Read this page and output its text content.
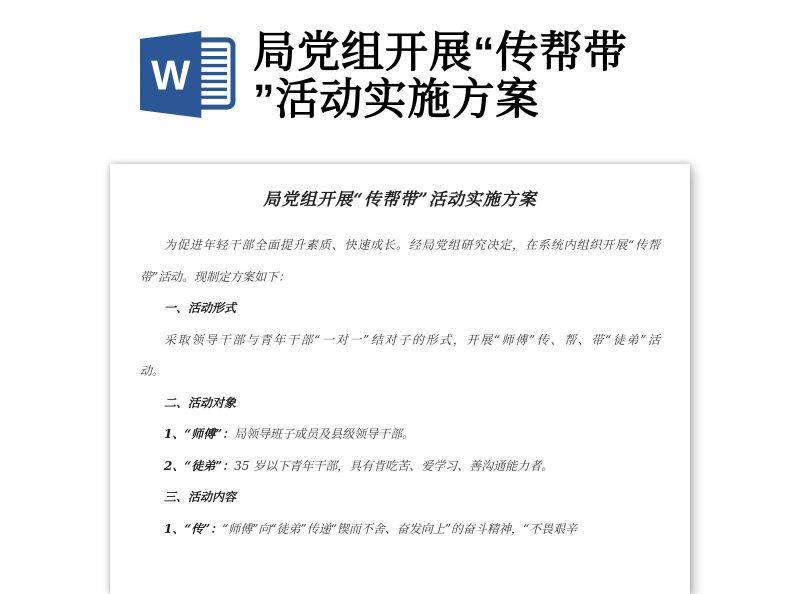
W 局党组开展“传帮带
”活动实施方案
局党组开展“传帮带”活动实施方案
为促进年轻干部全面提升素质、快速成长。经局党组研究决定，在系统内组织开展“传帮
带”活动。现制定方案如下：
一、活动形式
采取领导干部与青年干部“一对一”结对子的形式，开展“师傅”传、帮、带“徒弟”活
动。
二、活动对象
1、“师傅”：局领导班子成员及县级领导干部。
2、“徒弟”：35 岁以下青年干部，具有肯吃苦、爱学习、善沟通能力者。
三、活动内容
1、“传”：“师傅”向“徒弟”传递“锲而不舍、奋发向上”的奋斗精神，“不畏艰辛
